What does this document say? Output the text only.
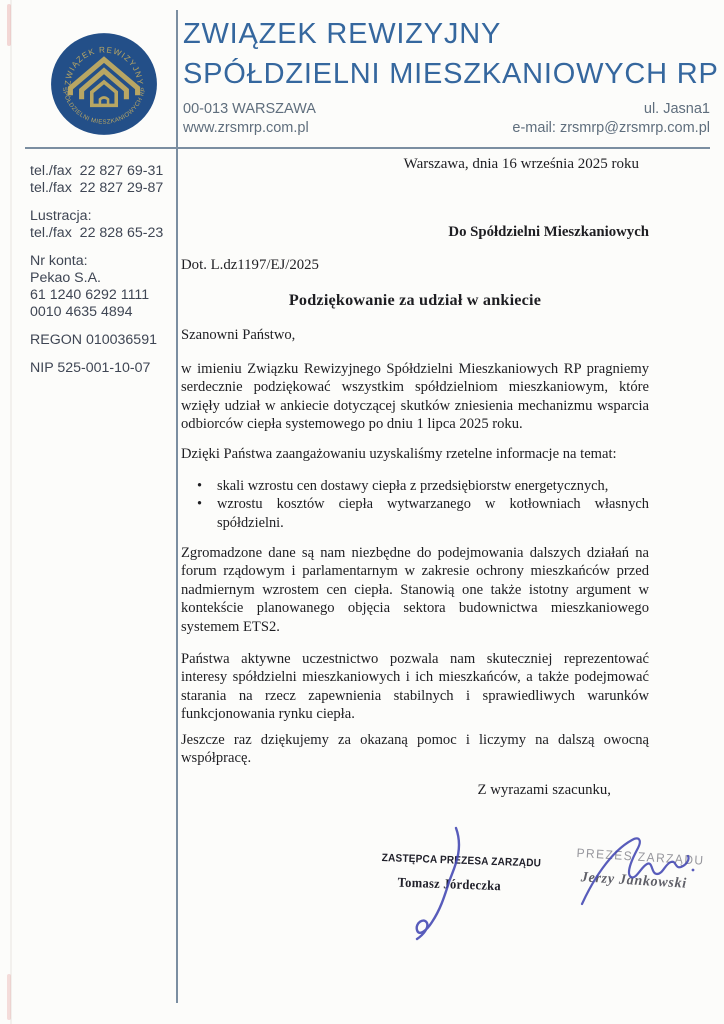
ZWIĄZEK REWIZYJNY
SPÓŁDZIELNI MIESZKANIOWYCH RP
ZWIĄZEK REWIZYJNY
SPÓŁDZIELNI MIESZKANIOWYCH RP
00-013 WARSZAWA
www.zrsmrp.com.pl
ul. Jasna1
e-mail: zrsmrp@zrsmrp.com.pl
tel./fax  22 827 69-31
tel./fax  22 827 29-87
Lustracja:
tel./fax  22 828 65-23
Nr konta:
Pekao S.A.
61 1240 6292 1111
0010 4635 4894
REGON 010036591
NIP 525-001-10-07
Warszawa, dnia 16 września 2025 roku
Do Spółdzielni Mieszkaniowych
Dot. L.dz1197/EJ/2025
Podziękowanie za udział w ankiecie
Szanowni Państwo,
w imieniu Związku Rewizyjnego Spółdzielni Mieszkaniowych RP pragniemy serdecznie podziękować wszystkim spółdzielniom mieszkaniowym, które wzięły udział w ankiecie dotyczącej skutków zniesienia mechanizmu wsparcia odbiorców ciepła systemowego po dniu 1 lipca 2025 roku.
Dzięki Państwa zaangażowaniu uzyskaliśmy rzetelne informacje na temat:
• skali wzrostu cen dostawy ciepła z przedsiębiorstw energetycznych,
• wzrostu kosztów ciepła wytwarzanego w kotłowniach własnych spółdzielni.
Zgromadzone dane są nam niezbędne do podejmowania dalszych działań na forum rządowym i parlamentarnym w zakresie ochrony mieszkańców przed nadmiernym wzrostem cen ciepła. Stanowią one także istotny argument w kontekście planowanego objęcia sektora budownictwa mieszkaniowego systemem ETS2.
Państwa aktywne uczestnictwo pozwala nam skuteczniej reprezentować interesy spółdzielni mieszkaniowych i ich mieszkańców, a także podejmować starania na rzecz zapewnienia stabilnych i sprawiedliwych warunków funkcjonowania rynku ciepła.
Jeszcze raz dziękujemy za okazaną pomoc i liczymy na dalszą owocną współpracę.
Z wyrazami szacunku,
ZASTĘPCA PREZESA ZARZĄDU
Tomasz Jórdeczka
PREZES ZARZĄDU
Jerzy Jankowski
